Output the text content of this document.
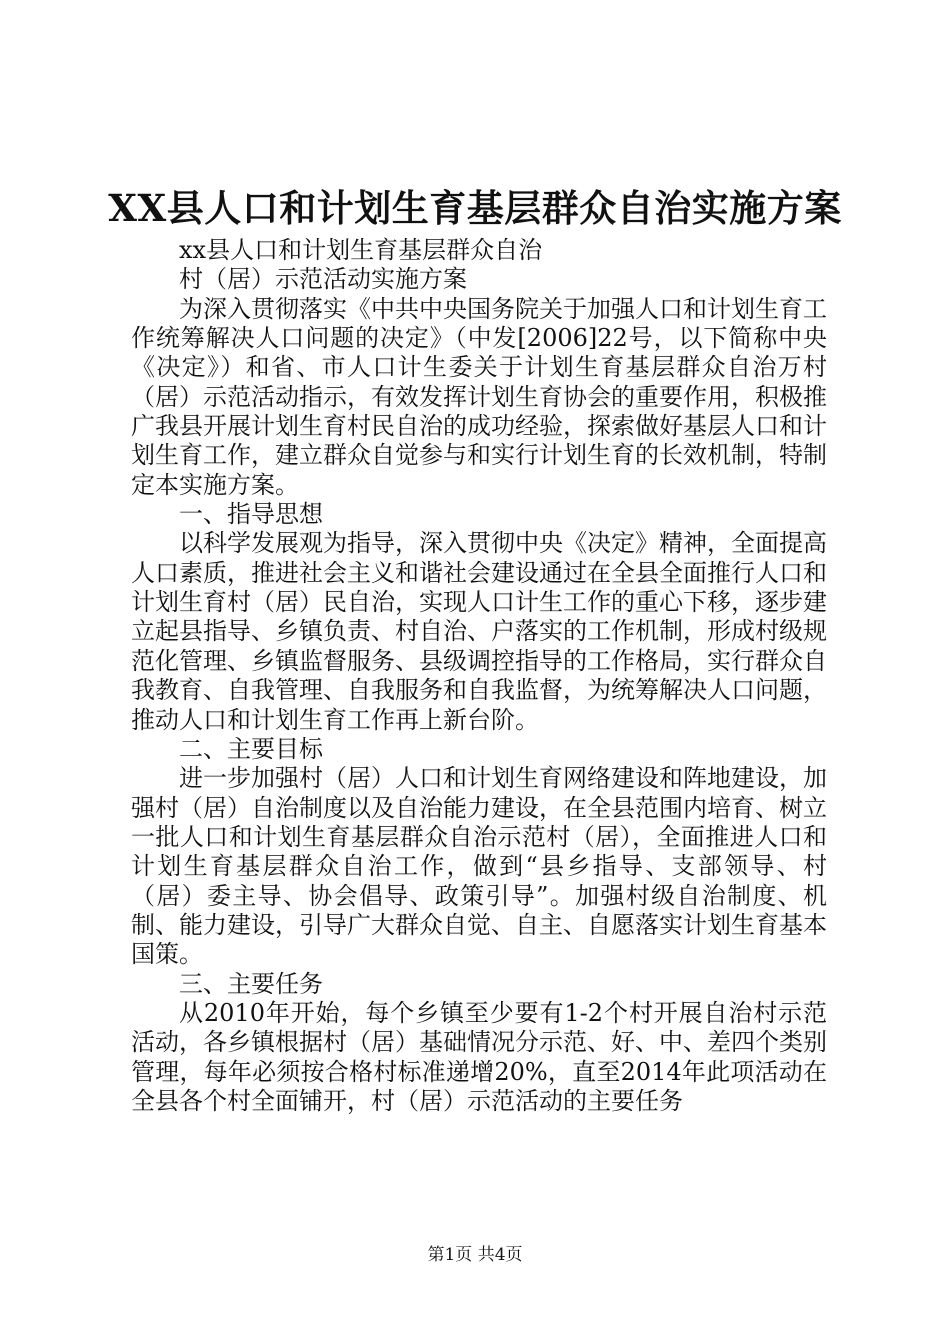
XX县人口和计划生育基层群众自治实施方案

xx县人口和计划生育基层群众自治

村（居）示范活动实施方案

为深入贯彻落实《中共中央国务院关于加强人口和计划生育工作统筹解决人口问题的决定》（中发[2006]22号，以下简称中央《决定》）和省、市人口计生委关于计划生育基层群众自治万村（居）示范活动指示，有效发挥计划生育协会的重要作用，积极推广我县开展计划生育村民自治的成功经验，探索做好基层人口和计划生育工作，建立群众自觉参与和实行计划生育的长效机制，特制定本实施方案。

一、指导思想

以科学发展观为指导，深入贯彻中央《决定》精神，全面提高人口素质，推进社会主义和谐社会建设通过在全县全面推行人口和计划生育村（居）民自治，实现人口计生工作的重心下移，逐步建立起县指导、乡镇负责、村自治、户落实的工作机制，形成村级规范化管理、乡镇监督服务、县级调控指导的工作格局，实行群众自我教育、自我管理、自我服务和自我监督，为统筹解决人口问题，推动人口和计划生育工作再上新台阶。

二、主要目标

进一步加强村（居）人口和计划生育网络建设和阵地建设，加强村（居）自治制度以及自治能力建设，在全县范围内培育、树立一批人口和计划生育基层群众自治示范村（居），全面推进人口和计划生育基层群众自治工作，做到“县乡指导、支部领导、村（居）委主导、协会倡导、政策引导”。加强村级自治制度、机制、能力建设，引导广大群众自觉、自主、自愿落实计划生育基本国策。

三、主要任务

从2010年开始，每个乡镇至少要有1-2个村开展自治村示范活动，各乡镇根据村（居）基础情况分示范、好、中、差四个类别管理，每年必须按合格村标准递增20%，直至2014年此项活动在全县各个村全面铺开，村（居）示范活动的主要任务

第1页 共4页
